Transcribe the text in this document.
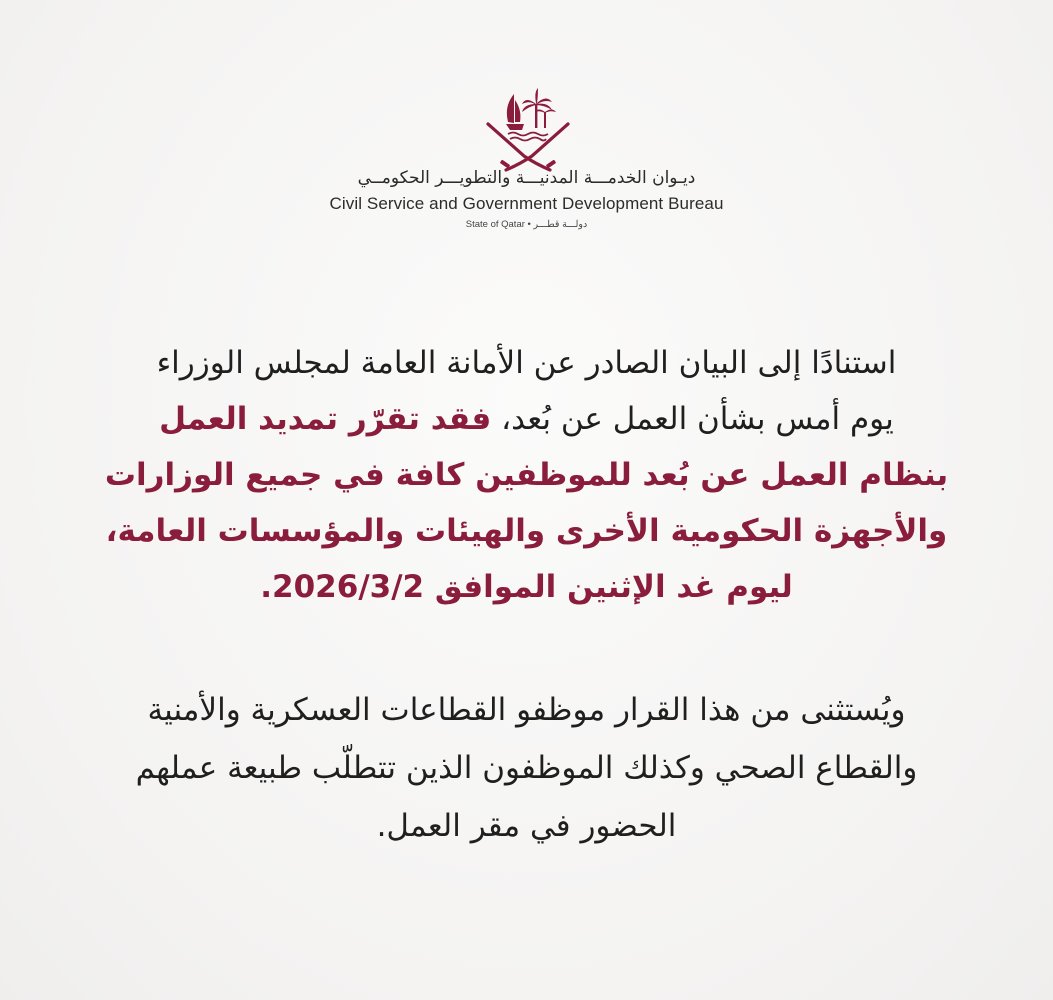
ديـوان الخدمـــة المدنيـــة والتطويـــر الحكومــي
Civil Service and Government Development Bureau
State of Qatar • دولـــة قطـــر
استنادًا إلى البيان الصادر عن الأمانة العامة لمجلس الوزراء
يوم أمس بشأن العمل عن بُعد، فقد تقرّر تمديد العمل
بنظام العمل عن بُعد للموظفين كافة في جميع الوزارات
والأجهزة الحكومية الأخرى والهيئات والمؤسسات العامة،
ليوم غد الإثنين الموافق 2026/3/2.
ويُستثنى من هذا القرار موظفو القطاعات العسكرية والأمنية
والقطاع الصحي وكذلك الموظفون الذين تتطلّب طبيعة عملهم
الحضور في مقر العمل.
